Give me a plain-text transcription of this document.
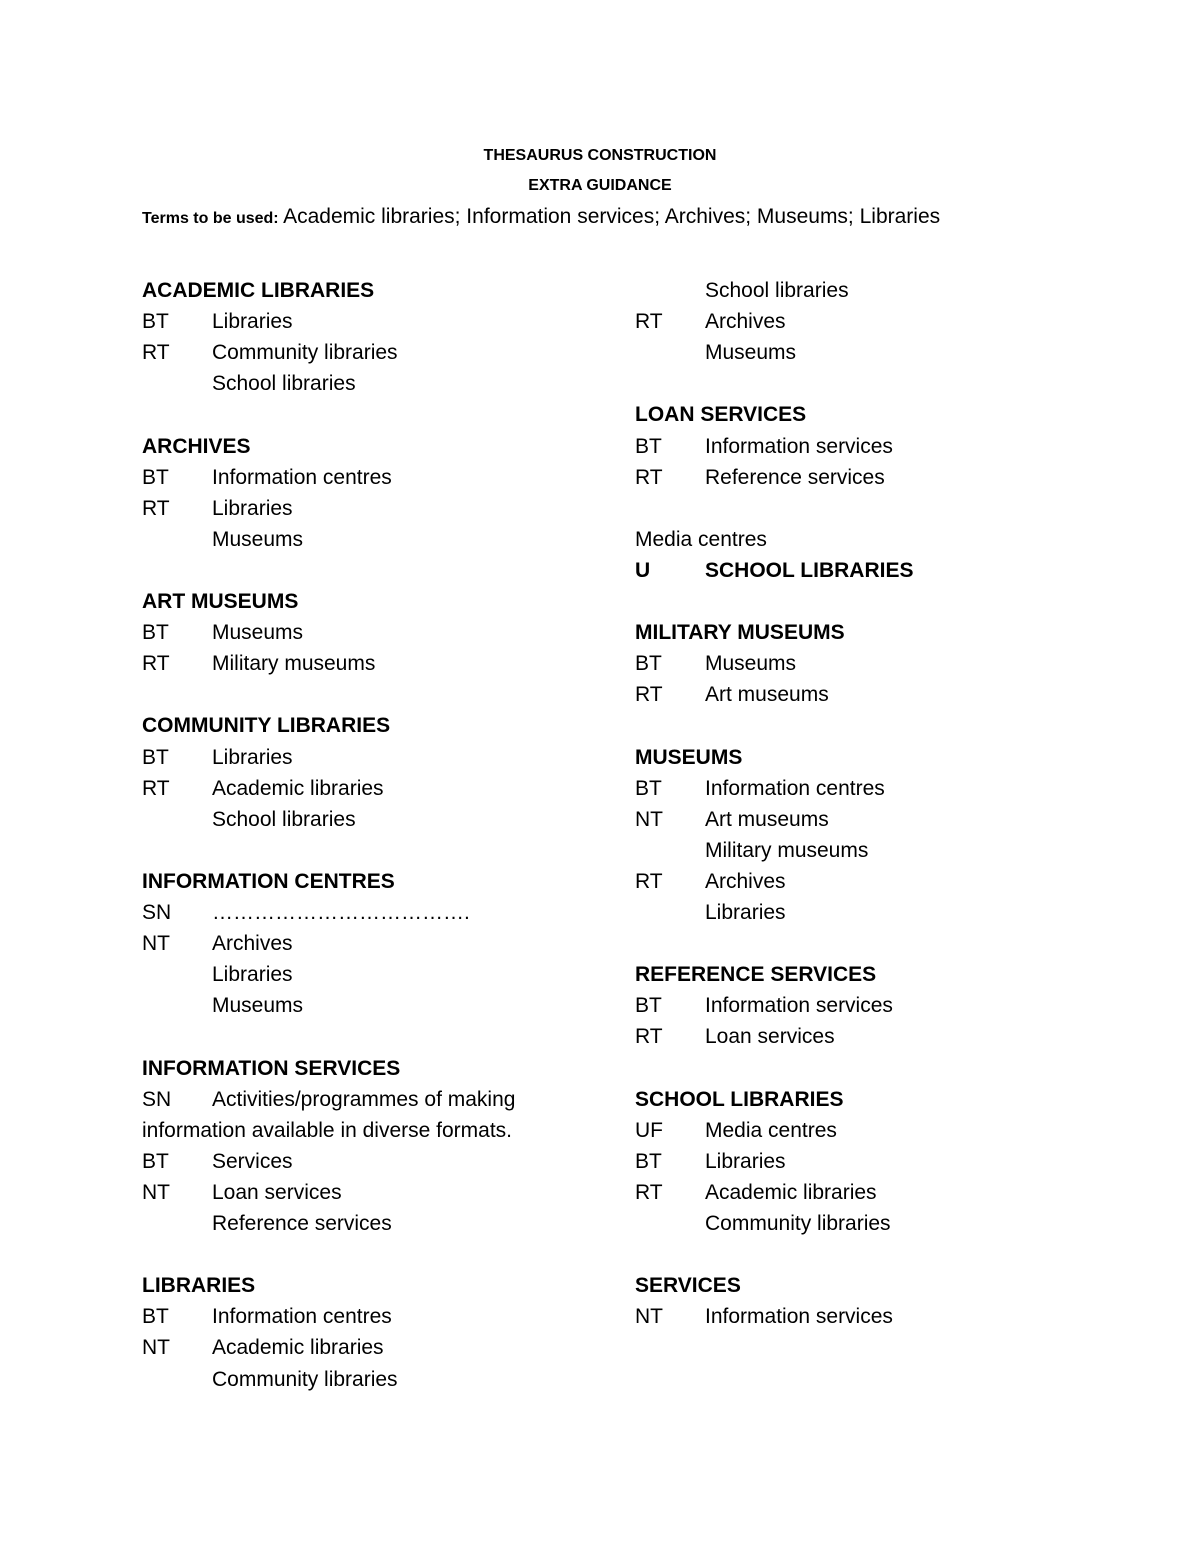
THESAURUS CONSTRUCTION
EXTRA GUIDANCE
Terms to be used: Academic libraries; Information services; Archives; Museums; Libraries
ACADEMIC LIBRARIES
BT Libraries
RT Community libraries
School libraries
ARCHIVES
BT Information centres
RT Libraries
Museums
ART MUSEUMS
BT Museums
RT Military museums
COMMUNITY LIBRARIES
BT Libraries
RT Academic libraries
School libraries
INFORMATION CENTRES
SN ……………………………….
NT Archives
Libraries
Museums
INFORMATION SERVICES
SN Activities/programmes of making
information available in diverse formats.
BT Services
NT Loan services
Reference services
LIBRARIES
BT Information centres
NT Academic libraries
Community libraries
School libraries
RT Archives
Museums
LOAN SERVICES
BT Information services
RT Reference services
Media centres
U	SCHOOL LIBRARIES
MILITARY MUSEUMS
BT Museums
RT Art museums
MUSEUMS
BT Information centres
NT Art museums
Military museums
RT Archives
Libraries
REFERENCE SERVICES
BT Information services
RT Loan services
SCHOOL LIBRARIES
UF Media centres
BT Libraries
RT Academic libraries
Community libraries
SERVICES
NT Information services
